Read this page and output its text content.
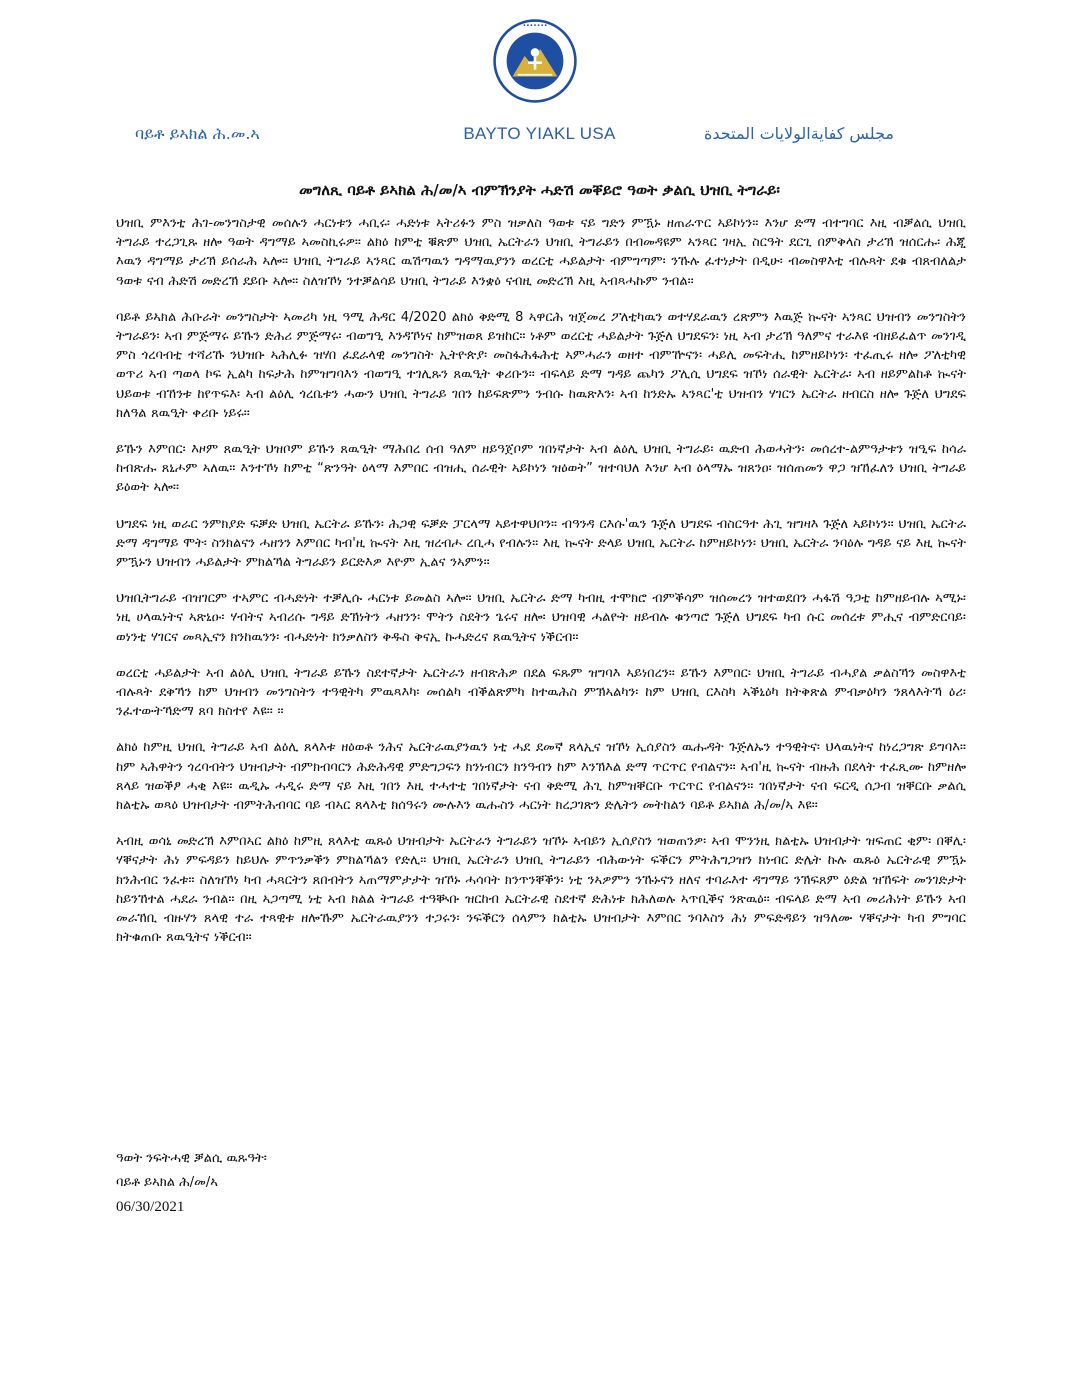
•••••••
ባይቶ ይኣክል ሕ.መ.ኣ	BAYTO YIAKL USA	مجلس كفايةالولايات المتحدة
መግለጺ ባይቶ ይኣክል ሕ/መ/ኣ ብምኽንያት ሓድሽ መቐይሮ ዓወት ቃልሲ ህዝቢ ትግራይ፡

ህዝቢ ምእንቲ ሕገ-መንግስታዊ መሰሉን ሓርነቱን ሓቢሩ፡ ሓድነቱ ኣትሪፉን ምስ ዝቃለስ ዓወቱ ናይ ግድን ምዃኑ ዘጠራጥር ኣይኮነን። እንሆ ድማ ብተግባር እዚ ብቓልሲ ህዝቢ ትግራይ ተረጋጊጹ ዘሎ ዓወት ዳግማይ ኣመስኪሩዎ። ልክዕ ከምቲ ቑጽም ህዝቢ ኤርትራን ህዝቢ ትግራይን በብመዳዩም ኣንጻር ገዛኢ ስርዓት ደርጊ በምቅላስ ታሪኽ ዝሰርሑ፡ ሕጂ እዉን ዳግማይ ታሪኽ ይሰራሕ ኣሎ። ህዝቢ ትግራይ ኣንጻር ዉሽጣዉን ግዳማዉያንን ወረርቲ ሓይልታት ብምግጣም፡ ንኹሉ ፈተነታት በዲሁ፡ ብመስዋእቲ ብሉጻት ደቁ ብጸብለልታ ዓወቱ ናብ ሕድሽ መድረኽ ደይቡ ኣሎ። ስለዝኾነ ንተቓልሳይ ህዝቢ ትግራይ እንቋዕ ናብዚ መድረኽ እዚ ኣብጻሓኩም ንብል።

ባይቶ ይኣክል ሕቡራት መንግስታት ኣመሪካ ነዚ ዓሚ ሕዳር 4/2020 ልክዕ ቅድሚ 8 ኣዋርሕ ዝጀመረ ፖለቲካዉን ወተሃደራዉን ረጽምን እዉጅ ኲናት ኣንጻር ህዝብን መንግስትን ትግራይን፡ ኣብ ምጅማሩ ይኹን ድሕሪ ምጅማሩ፡ ብወግዒ እንዳኾነና ከምዝወጸ ይዝከር። ነቶም ወረርቲ ሓይልታት ጉጅለ ህግደፍን፡ ነዚ ኣብ ታሪኽ ዓለምና ተራእዩ ብዘይፈልጥ መንገዲ ምስ ጎረባብቲ ተሻሪኹ ንህዝቡ ኣሕሊፉ ዝሃበ ፈደራላዊ መንግስት ኢትዮጵያ፡ መስፋሕፋሕቲ ኣምሓራን ወዘተ ብምዅናን፡ ሓይሊ መፍትሒ ከምዘይኮነን፡ ተፈጢሩ ዘሎ ፖለቲካዊ ወጥሪ ኣብ ጣወላ ኮፍ ኢልካ ከፍታሕ ከምዝግባእን ብወግዒ ተገሊጹን ጸዉዒት ቀሪቡን። ብፍላይ ድማ ግዳይ ጨካን ፖሊሲ ህግደፍ ዝኾነ ሰራዊት ኤርትራ፡ ኣብ ዘይምልከቶ ኲናት ህይወቱ ብኸንቱ ከየጥፍእ፡ ኣብ ልዕሊ ጎረቤቱን ሓውን ህዝቢ ትግራይ ገበን ከይፍጽምን ንብሱ ከዉጽእን፡ ኣብ ከንድኡ ኣንጻር'ቲ ህዝብን ሃገርን ኤርትራ ዘብርስ ዘሎ ጉጅለ ህግደፍ ክለዓል ጸዉዒት ቀሪቡ ነይሩ።

ይኹን እምበር፡ እዞም ጸዉዒት ህዝቦም ይኹን ጸዉዒት ማሕበረ ሰብ ዓለም ዘይዓጀቦም ገበነኛታት ኣብ ልዕሊ ህዝቢ ትግራይ፡ ዉድብ ሕወሓትን፡ መሰረተ-ልምዓታቱን ዝዒፍ ከሳራ ከብጽሑ ጸኒሖም ኣለዉ። እንተኾነ ከምቲ “ጽንዓት ዕላማ እምበር ብዝሒ ሰራዊት ኣይኮነን ዝዕወት” ዝተባህለ እንሆ ኣብ ዕላማኡ ዝጸንዐ፡ ዝሰጠመን ዋጋ ዝኸፈለን ህዝቢ ትግራይ ይዕወት ኣሎ፡፡

ህግደፍ ነዚ ወራር ንምክያድ ፍቓድ ህዝቢ ኤርትራ ይኹን፡ ሕጋዊ ፍቓድ ፓርላማ ኣይተዋህቦን። ብዓንዳ ርእሱ'ዉን ጉጅለ ህግደፍ ብስርዓተ ሕጊ ዝግዛእ ጉጅለ ኣይኮነን። ህዝቢ ኤርትራ ድማ ዳግማይ ሞት፡ ስንክልናን ሓዘንን እምበር ካብ'ዚ ኲናት እዚ ዝረብሖ ረቢሓ የብሉን። እዚ ኲናት ድላይ ህዝቢ ኤርትራ ከምዘይኮነን፡ ህዝቢ ኤርትራ ንባዕሉ ግዳይ ናይ እዚ ኲናት ምዃኑን ህዝብን ሓይልታት ምክልኻል ትግራይን ይርድእዎ እዮም ኢልና ንኣምን።

ህዝቢትግራይ ብዝገርም ተኣምር ብሓድነት ተቓሊሱ ሓርነቱ ይመልስ ኣሎ። ህዝቢ ኤርትራ ድማ ካብዚ ተሞክሮ ብምቕሳም ዝሰመረን ዝተወደበን ሓፋሽ ዓጋቲ ከምዘይብሉ ኣሚኑ፡ ነዚ ሀላዉነትና ኣጽኒዑ፡ ሃብትና ኣብሪሱ ግዳይ ድኽነትን ሓዘንን፡ ሞትን ስደትን ጌሩና ዘሎ፡ ህዝባዊ ሓልዮት ዘይብሉ ቁንጣሮ ጉጅለ ህግደፍ ካብ ሱር መሰረቱ ምሒና ብምድርባይ፡ ወነንቲ ሃገርና መጻኢናን ክንከዉንን፡ ብሓድነት ክንቃለስን ቅዱስ ቅናኢ ኩሓድረና ጸዉዒትና ነቕርብ።

ወረርቲ ሓይልታት ኣብ ልዕሊ ህዝቢ ትግራይ ይኹን ስደተኛታት ኤርትራን ዘብጽሕዎ በደል ፍጹም ዝግባእ ኣይነበረን። ይኹን እምበር፡ ህዝቢ ትግራይ ብሓያል ቃልስኻን መስዋእቲ ብሉጻት ደቅኻን ከም ህዝብን መንግስትን ተዓዊትካ ምዉጻእካ፡ መሰልካ ብቕልጽምካ ከተዉሕስ ምኽኣልካን፡ ከም ህዝቢ ርእስካ ኣቕኒዕካ ክትቅጽል ምብቃዕካን ንጸላእትኻ ዕሪ፡ ንፈተውትኻድማ ጸባ ክስተየ እዩ። ።

ልክዕ ከምዚ ህዝቢ ትግራይ ኣብ ልዕሊ ጸላእቱ ዘዕወቶ ንሕና ኤርትራዉያንዉን ነቲ ሓደ ደመኛ ጸላኢና ዝኾነ ኢሰያስን ዉሑዳት ጉጅለኡን ተዓዊትና፡ ህላዉነትና ከነረጋግጽ ይግባእ። ከም ኣሕዋትን ጎረባብትን ህዝብታት ብምክብባርን ሕድሕዳዊ ምድግጋፍን ክንነብርን ክንዓብን ከም እንኽእል ድማ ጥርጥር የብልናን። ኣብ'ዚ ኲናት ብዙሕ በደላት ተፈጺሙ ከምዘሎ ጸላይ ዝወቕፆ ሓቂ እዩ። ዉዲኡ ሓዲሩ ድማ ናይ እዚ ገበን እዚ ተሓተቲ ገበነኛታት ናብ ቅድሚ ሕጊ ከምዝቐርቡ ጥርጥር የብልናን። ገበነኛታት ናብ ፍርዲ ሰጋብ ዝቐርቡ ቃልሲ ክልቲኡ ወጻዕ ህዝብታት ብምትሕብባር ባይ ብኣር ጸላእቲ ክሰዓሩን ሙሉእን ዉሑስን ሓርነት ክረጋገጽን ድሌትን መትከልን ባይቶ ይኣክል ሕ/መ/ኣ እዩ።

ኣብዚ ወሳኒ መድረኽ እምበኣር ልክዕ ከምዚ ጸላእቲ ዉጹዕ ህዝብታት ኤርትራን ትግራይን ዝኾኑ ኣብይን ኢሰያስን ዝወጠንዎ፡ ኣብ ሞንንዚ ክልቲኡ ህዝብታት ዝፍጠር ቂም፡ በቐሊ፡ ሃቐናታት ሕነ ምፍዳይን ከይህሉ ምጥንቃቕን ምክልኻልን የድሊ። ህዝቢ ኤርትራን ህዝቢ ትግራይን ብሕውነት ፍቕርን ምትሕግጋዝን ክነብር ድሌት ኩሉ ዉጹዕ ኤርትራዊ ምዃኑ ክንሕብር ንፈቱ። ስለዝኾነ ካብ ሓጻርትን ጸበብትን ኣጠማምታታት ዝኾኑ ሓሳባት ክንጥንቐቕን፡ ነቲ ንኣዎምን ንኹኑናን ዘለና ተባራእተ ዳግማይ ንኽፍጸም ዕድል ዝኸፍት መንገድታት ከይንኸተል ሓደራ ንብል። በዚ ኣጋጣሚ ነቲ ኣብ ክልል ትግራይ ተዓቚቡ ዝርከብ ኤርትራዊ ስደተኛ ድሕነቱ ክሕለወሉ ኣጥቢቕና ንጽዉዕ። ብፍላይ ድማ ኣብ መሪሕነት ይኹን ኣብ መራኸቢ ብዙሃን ጸላዊ ተራ ተጻዊቱ ዘሎኹም ኤርትራዉያንን ተጋሩን፡ ንፍቕርን ሰላምን ክልቲኡ ህዝብታት እምበር ንባእስን ሕነ ምፍድዳይን ዝዓለሙ ሃቐናታት ካብ ምግባር ክትቁጠቡ ጸዉዒትና ነቕርብ።

ዓወት ንፍትሓዊ ቓልሲ ዉጹዓት፡
ባይቶ ይኣክል ሕ/መ/ኣ
06/30/2021
